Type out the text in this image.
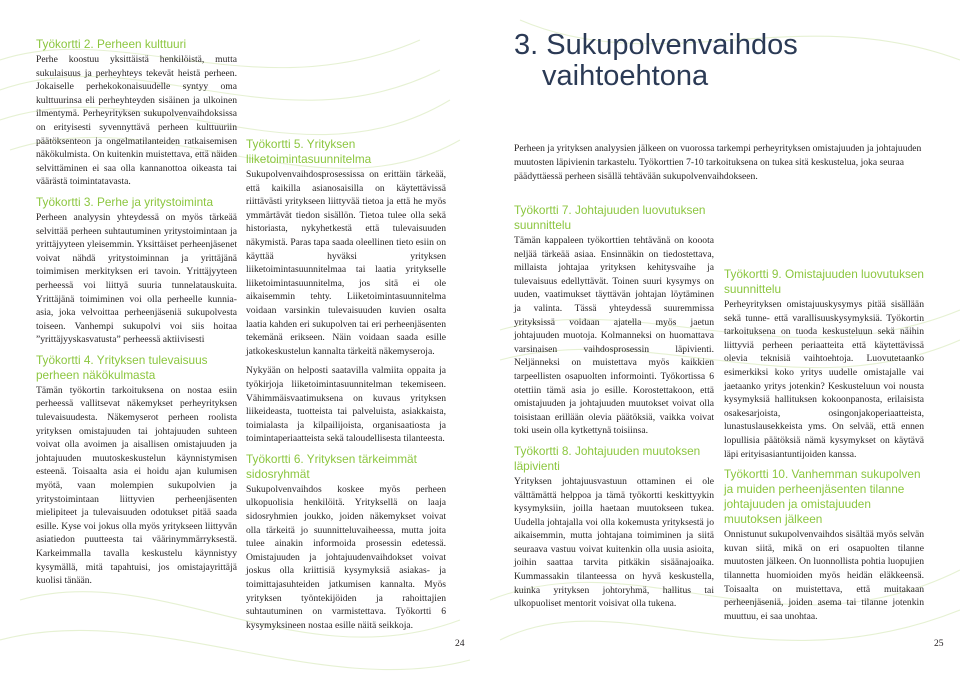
Työkortti 2. Perheen kulttuuri

Perhe koostuu yksittäistä henkilöistä, mutta sukulaisuus ja perheyhteys tekevät heistä perheen. Jokaiselle perhekokonaisuudelle syntyy oma kulttuurinsa eli perheyhteyden sisäinen ja ulkoinen ilmentymä. Perheyrityksen sukupolvenvaihdoksissa on erityisesti syvennyttävä perheen kulttuuriin päätöksenteon ja ongelmatilanteiden ratkaisemisen näkökulmista. On kuitenkin muistettava, että näiden selvittäminen ei saa olla kannanottoa oikeasta tai väärästä toimintatavasta.

Työkortti 3. Perhe ja yritystoiminta

Perheen analyysin yhteydessä on myös tärkeää selvittää perheen suhtautuminen yritystoimintaan ja yrittäjyyteen yleisemmin. Yksittäiset perheenjäsenet voivat nähdä yritystoiminnan ja yrittäjänä toimimisen merkityksen eri tavoin. Yrittäjyyteen perheessä voi liittyä suuria tunnelatauskuita. Yrittäjänä toimiminen voi olla perheelle kunnia-asia, joka velvoittaa perheenjäseniä sukupolvesta toiseen. Vanhempi sukupolvi voi siis hoitaa ”yrittäjyyskasvatusta” perheessä aktiivisesti

Työkortti 4. Yrityksen tulevaisuus perheen näkökulmasta

Tämän työkortin tarkoituksena on nostaa esiin perheessä vallitsevat näkemykset perheyrityksen tulevaisuudesta. Näkemyserot perheen roolista yrityksen omistajuuden tai johtajuuden suhteen voivat olla avoimen ja aisallisen omistajuuden ja johtajuuden muutoskeskustelun käynnistymisen esteenä. Toisaalta asia ei hoidu ajan kulumisen myötä, vaan molempien sukupolvien ja yritystoimintaan liittyvien perheenjäsenten mielipiteet ja tulevaisuuden odotukset pitää saada esille. Kyse voi jokus olla myös yritykseen liittyvän asiatiedon puutteesta tai väärinymmärryksestä. Karkeimmalla tavalla keskustelu käynnistyy kysymällä, mitä tapahtuisi, jos omistajayrittäjä kuolisi tänään.

Työkortti 5. Yrityksen liiketoimintasuunnitelma

Sukupolvenvaihdosprosessissa on erittäin tärkeää, että kaikilla asianosaisilla on käytettävissä riittävästi yritykseen liittyvää tietoa ja että he myös ymmärtävät tiedon sisällön. Tietoa tulee olla sekä historiasta, nykyhetkestä että tulevaisuuden näkymistä. Paras tapa saada oleellinen tieto esiin on käyttää hyväksi yrityksen liiketoimintasuunnitelmaa tai laatia yritykselle liiketoimintasuunnitelma, jos sitä ei ole aikaisemmin tehty. Liiketoimintasuunnitelma voidaan varsinkin tulevaisuuden kuvien osalta laatia kahden eri sukupolven tai eri perheenjäsenten tekemänä erikseen. Näin voidaan saada esille jatkokeskustelun kannalta tärkeitä näkemyseroja.

Nykyään on helposti saatavilla valmiita oppaita ja työkirjoja liiketoimintasuunnitelman tekemiseen. Vähimmäisvaatimuksena on kuvaus yrityksen liikeideasta, tuotteista tai palveluista, asiakkaista, toimialasta ja kilpailijoista, organisaatiosta ja toimintaperiaatteista sekä taloudellisesta tilanteesta.

Työkortti 6. Yrityksen tärkeimmät sidosryhmät

Sukupolvenvaihdos koskee myös perheen ulkopuolisia henkilöitä. Yrityksellä on laaja sidosryhmien joukko, joiden näkemykset voivat olla tärkeitä jo suunnitteluvaiheessa, mutta joita tulee ainakin informoida prosessin edetessä. Omistajuuden ja johtajuudenvaihdokset voivat joskus olla kriittisiä kysymyksiä asiakas- ja toimittajasuhteiden jatkumisen kannalta. Myös yrityksen työntekijöiden ja rahoittajien suhtautuminen on varmistettava. Työkortti 6 kysymyksineen nostaa esille näitä seikkoja.

24
3. Sukupolvenvaihdos
vaihtoehtona
Perheen ja yrityksen analyysien jälkeen on vuorossa tarkempi perheyrityksen omistajuuden ja johtajuuden muutosten läpivienin tarkastelu. Työkorttien 7-10 tarkoituksena on tukea sitä keskustelua, joka seuraa päädyttäessä perheen sisällä tehtävään sukupolvenvaihdokseen.
Työkortti 7. Johtajuuden luovutuksen suunnittelu

Tämän kappaleen työkorttien tehtävänä on kooota neljää tärkeää asiaa. Ensinnäkin on tiedostettava, millaista johtajaa yrityksen kehitysvaihe ja tulevaisuus edellyttävät. Toinen suuri kysymys on uuden, vaatimukset täyttävän johtajan löytäminen ja valinta. Tässä yhteydessä suuremmissa yrityksissä voidaan ajatella myös jaetun johtajuuden muotoja. Kolmanneksi on huomattava varsinaisen vaihdosprosessin läpivienti. Neljänneksi on muistettava myös kaikkien tarpeellisten osapuolten informointi. Työkortissa 6 otettiin tämä asia jo esille. Korostettakoon, että omistajuuden ja johtajuuden muutokset voivat olla toisistaan erillään olevia päätöksiä, vaikka voivat toki usein olla kytkettynä toisiinsa.

Työkortti 8. Johtajuuden muutoksen läpivienti

Yrityksen johtajuusvastuun ottaminen ei ole välttämättä helppoa ja tämä työkortti keskittyykin kysymyksiin, joilla haetaan muutokseen tukea. Uudella johtajalla voi olla kokemusta yrityksestä jo aikaisemmin, mutta johtajana toimiminen ja siitä seuraava vastuu voivat kuitenkin olla uusia asioita, joihin saattaa tarvita pitkäkin sisäänajoaika. Kummassakin tilanteessa on hyvä keskustella, kuinka yrityksen johtoryhmä, hallitus tai ulkopuoliset mentorit voisivat olla tukena.

Työkortti 9. Omistajuuden luovutuksen suunnittelu

Perheyrityksen omistajuuskysymys pitää sisällään sekä tunne- että varallisuuskysymyksiä. Työkortin tarkoituksena on tuoda keskusteluun sekä näihin liittyviä perheen periaatteita että käytettävissä olevia teknisiä vaihtoehtoja. Luovutetaanko esimerkiksi koko yritys uudelle omistajalle vai jaetaanko yritys jotenkin? Keskusteluun voi nousta kysymyksiä hallituksen kokoonpanosta, erilaisista osakesarjoista, osingonjakoperiaatteista, lunastuslausekkeista yms. On selvää, että ennen lopullisia päätöksiä nämä kysymykset on käytävä läpi erityisasiantuntijoiden kanssa.

Työkortti 10. Vanhemman sukupolven ja muiden perheenjäsenten tilanne johtajuuden ja omistajuuden muutoksen jälkeen

Onnistunut sukupolvenvaihdos sisältää myös selvän kuvan siitä, mikä on eri osapuolten tilanne muutosten jälkeen. On luonnollista pohtia luopujien tilannetta huomioiden myös heidän eläkkeensä. Toisaalta on muistettava, että muitakaan perheenjäseniä, joiden asema tai tilanne jotenkin muuttuu, ei saa unohtaa.

25
